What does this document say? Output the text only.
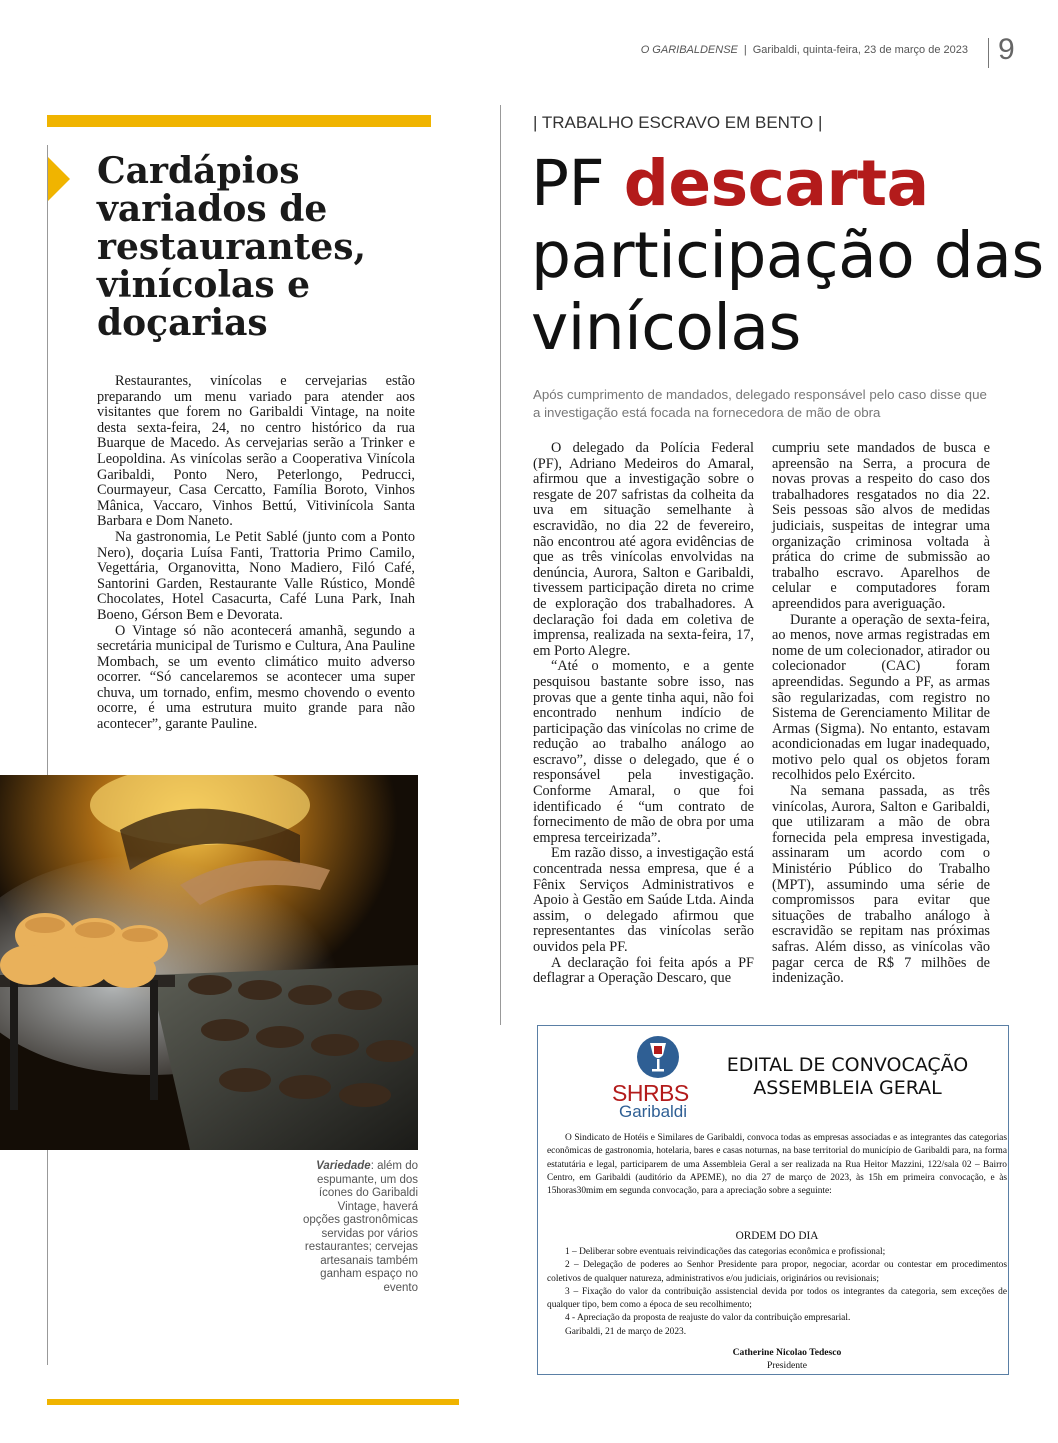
O GARIBALDENSE | Garibaldi, quinta-feira, 23 de março de 2023 9
Cardápios variados de restaurantes, vinícolas e doçarias

Restaurantes, vinícolas e cervejarias estão preparando um menu variado para atender aos visitantes que forem no Garibaldi Vintage, na noite desta sexta-feira, 24, no centro histórico da rua Buarque de Macedo. As cervejarias serão a Trinker e Leopoldina. As vinícolas serão a Cooperativa Vinícola Garibaldi, Ponto Nero, Peterlongo, Pedrucci, Courmayeur, Casa Cercatto, Família Boroto, Vinhos Mânica, Vaccaro, Vinhos Bettú, Vitivinícola Santa Barbara e Dom Naneto.

Na gastronomia, Le Petit Sablé (junto com a Ponto Nero), doçaria Luísa Fanti, Trattoria Primo Camilo, Vegettária, Organovitta, Nono Madiero, Filó Café, Santorini Garden, Restaurante Valle Rústico, Mondê Chocolates, Hotel Casacurta, Café Luna Park, Inah Boeno, Gérson Bem e Devorata.

O Vintage só não acontecerá amanhã, segundo a secretária municipal de Turismo e Cultura, Ana Pauline Mombach, se um evento climático muito adverso ocorrer. “Só cancelaremos se acontecer uma super chuva, um tornado, enfim, mesmo chovendo o evento ocorre, é uma estrutura muito grande para não acontecer”, garante Pauline.

Variedade: além do espumante, um dos ícones do Garibaldi Vintage, haverá opções gastronômicas servidas por vários restaurantes; cervejas artesanais também ganham espaço no evento
| TRABALHO ESCRAVO EM BENTO |
PF descarta participação das vinícolas
Após cumprimento de mandados, delegado responsável pelo caso disse que a investigação está focada na fornecedora de mão de obra

O delegado da Polícia Federal (PF), Adriano Medeiros do Amaral, afirmou que a investigação sobre o resgate de 207 safristas da colheita da uva em situação semelhante à escravidão, no dia 22 de fevereiro, não encontrou até agora evidências de que as três vinícolas envolvidas na denúncia, Aurora, Salton e Garibaldi, tivessem participação direta no crime de exploração dos trabalhadores. A declaração foi dada em coletiva de imprensa, realizada na sexta-feira, 17, em Porto Alegre.

“Até o momento, e a gente pesquisou bastante sobre isso, nas provas que a gente tinha aqui, não foi encontrado nenhum indício de participação das vinícolas no crime de redução ao trabalho análogo ao escravo”, disse o delegado, que é o responsável pela investigação. Conforme Amaral, o que foi identificado é “um contrato de fornecimento de mão de obra por uma empresa terceirizada”.

Em razão disso, a investigação está concentrada nessa empresa, que é a Fênix Serviços Administrativos e Apoio à Gestão em Saúde Ltda. Ainda assim, o delegado afirmou que representantes das vinícolas serão ouvidos pela PF.

A declaração foi feita após a PF deflagrar a Operação Descaro, que

cumpriu sete mandados de busca e apreensão na Serra, a procura de novas provas a respeito do caso dos trabalhadores resgatados no dia 22. Seis pessoas são alvos de medidas judiciais, suspeitas de integrar uma organização criminosa voltada à prática do crime de submissão ao trabalho escravo. Aparelhos de celular e computadores foram apreendidos para averiguação.

Durante a operação de sexta-feira, ao menos, nove armas registradas em nome de um colecionador, atirador ou colecionador (CAC) foram apreendidas. Segundo a PF, as armas são regularizadas, com registro no Sistema de Gerenciamento Militar de Armas (Sigma). No entanto, estavam acondicionadas em lugar inadequado, motivo pelo qual os objetos foram recolhidos pelo Exército.

Na semana passada, as três vinícolas, Aurora, Salton e Garibaldi, que utilizaram a mão de obra fornecida pela empresa investigada, assinaram um acordo com o Ministério Público do Trabalho (MPT), assumindo uma série de compromissos para evitar que situações de trabalho análogo à escravidão se repitam nas próximas safras. Além disso, as vinícolas vão pagar cerca de R$ 7 milhões de indenização.

SHRBS
Garibaldi
EDITAL DE CONVOCAÇÃO
ASSEMBLEIA GERAL

O Sindicato de Hotéis e Similares de Garibaldi, convoca todas as empresas associadas e as integrantes das categorias econômicas de gastronomia, hotelaria, bares e casas noturnas, na base territorial do município de Garibaldi para, na forma estatutária e legal, participarem de uma Assembleia Geral a ser realizada na Rua Heitor Mazzini, 122/sala 02 – Bairro Centro, em Garibaldi (auditório da APEME), no dia 27 de março de 2023, às 15h em primeira convocação, e às 15horas30mim em segunda convocação, para a apreciação sobre a seguinte:

ORDEM DO DIA

1 – Deliberar sobre eventuais reivindicações das categorias econômica e profissional;

2 – Delegação de poderes ao Senhor Presidente para propor, negociar, acordar ou contestar em procedimentos coletivos de qualquer natureza, administrativos e/ou judiciais, originários ou revisionais;

3 – Fixação do valor da contribuição assistencial devida por todos os integrantes da categoria, sem exceções de qualquer tipo, bem como a época de seu recolhimento;

4 - Apreciação da proposta de reajuste do valor da contribuição empresarial.

Garibaldi, 21 de março de 2023.

Catherine Nicolao Tedesco
Presidente
